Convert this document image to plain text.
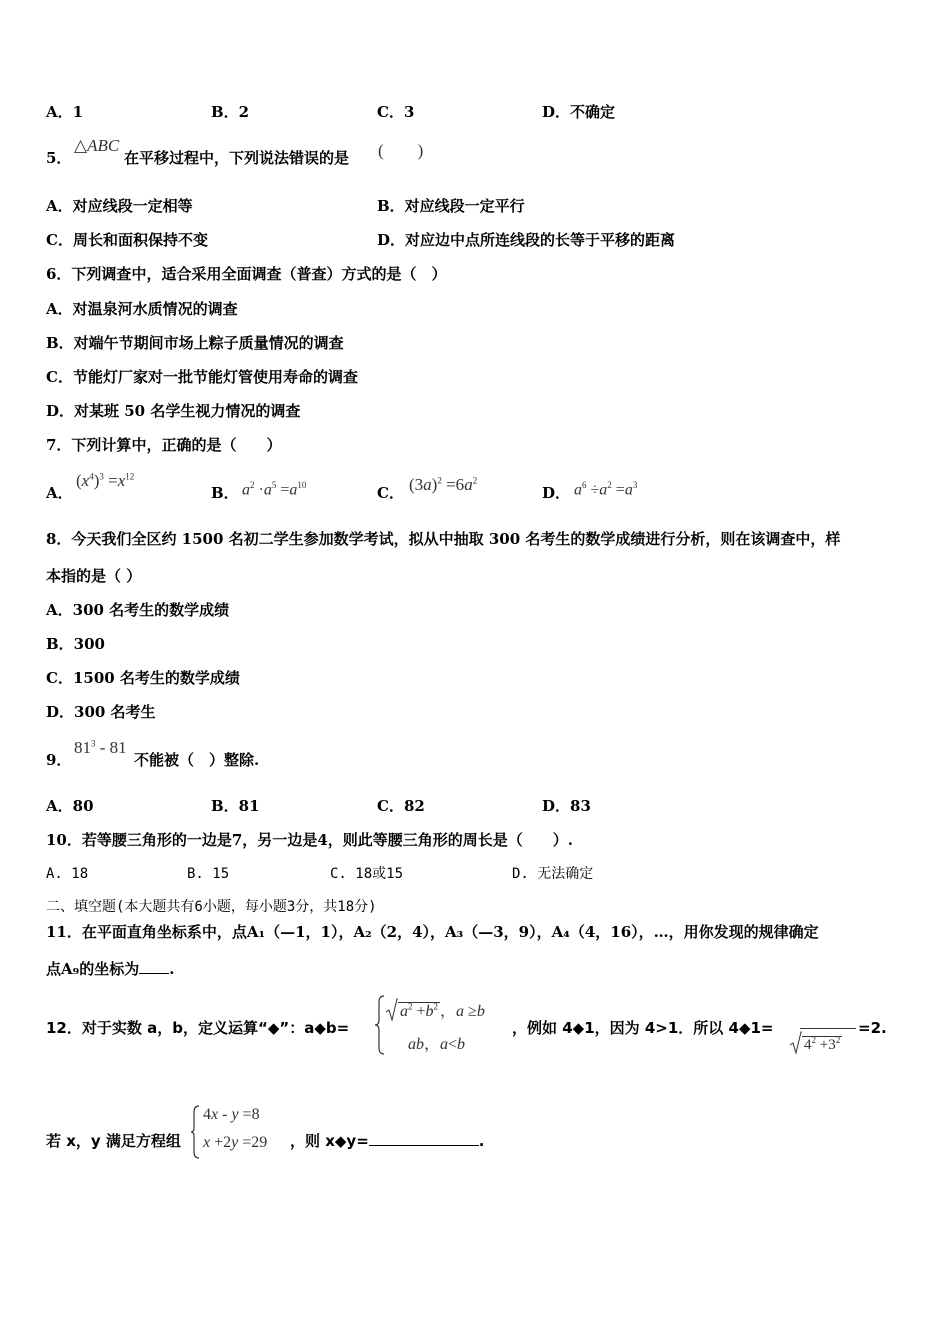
A．1	B．2	C．3	D．不确定
5．
△ABC
在平移过程中，下列说法错误的是 (　　)
A．对应线段一定相等	B．对应线段一定平行
C．周长和面积保持不变	D．对应边中点所连线段的长等于平移的距离
6．下列调查中，适合采用全面调查（普查）方式的是（　）
A．对温泉河水质情况的调查
B．对端午节期间市场上粽子质量情况的调查
C．节能灯厂家对一批节能灯管使用寿命的调查
D．对某班 50 名学生视力情况的调查
7．下列计算中，正确的是（　　）
A．
$(x^4)^3 =x^{12}$
B． $a^2 \cdot a^5 =a^{10}$	C． $(3a)^2 =6a^2$
D． $a^6 \div a^2 =a^3$
8．今天我们全区约 1500 名初二学生参加数学考试，拟从中抽取 300 名考生的数学成绩进行分析，则在该调查中，样
本指的是（ ）
A．300 名考生的数学成绩
B．300
C．1500 名考生的数学成绩
D．300 名考生
9．
$81^3 - 81$
不能被（　）整除.
A．80	B．81	C．82	D．83
10．若等腰三角形的一边是7，另一边是4，则此等腰三角形的周长是（　　）.
A. 18	B. 15	C. 18或15	D. 无法确定
二、填空题(本大题共有6小题，每小题3分，共18分)
11．在平面直角坐标系中，点A₁（—1，1），A₂（2，4），A₃（—3，9），A₄（4，16），…，用你发现的规律确定
点A₉的坐标为 .
12．对于实数 a，b，定义运算“◆”：a◆b=
$a^2 +b^2$ ，a ≥b
ab，a<b
，例如 4◆1，因为 4>1．所以 4◆1=
$4^2 +3^2$
=2.
若 x，y 满足方程组
4x - y =8
x +2y =29 ，则 x◆y=	.
